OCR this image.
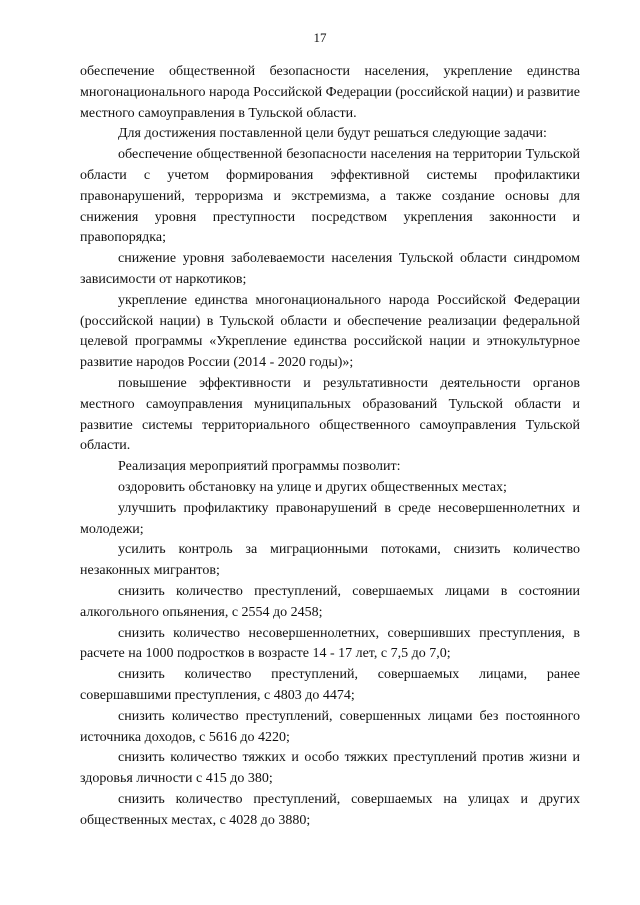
17

обеспечение общественной безопасности населения, укрепление единства многонационального народа Российской Федерации (российской нации) и развитие местного самоуправления в Тульской области.

Для достижения поставленной цели будут решаться следующие задачи:

обеспечение общественной безопасности населения на территории Тульской области с учетом формирования эффективной системы профилактики правонарушений, терроризма и экстремизма, а также создание основы для снижения уровня преступности посредством укрепления законности и правопорядка;

снижение уровня заболеваемости населения Тульской области синдромом зависимости от наркотиков;

укрепление единства многонационального народа Российской Федерации (российской нации) в Тульской области и обеспечение реализации федеральной целевой программы «Укрепление единства российской нации и этнокультурное развитие народов России (2014 - 2020 годы)»;

повышение эффективности и результативности деятельности органов местного самоуправления муниципальных образований Тульской области и развитие системы территориального общественного самоуправления Тульской области.

Реализация мероприятий программы позволит:

оздоровить обстановку на улице и других общественных местах;

улучшить профилактику правонарушений в среде несовершеннолетних и молодежи;

усилить контроль за миграционными потоками, снизить количество незаконных мигрантов;

снизить количество преступлений, совершаемых лицами в состоянии алкогольного опьянения, с 2554 до 2458;

снизить количество несовершеннолетних, совершивших преступления, в расчете на 1000 подростков в возрасте 14 - 17 лет, с 7,5 до 7,0;

снизить количество преступлений, совершаемых лицами, ранее совершавшими преступления, с 4803 до 4474;

снизить количество преступлений, совершенных лицами без постоянного источника доходов, с 5616 до 4220;

снизить количество тяжких и особо тяжких преступлений против жизни и здоровья личности с 415 до 380;

снизить количество преступлений, совершаемых на улицах и других общественных местах, с 4028 до 3880;
